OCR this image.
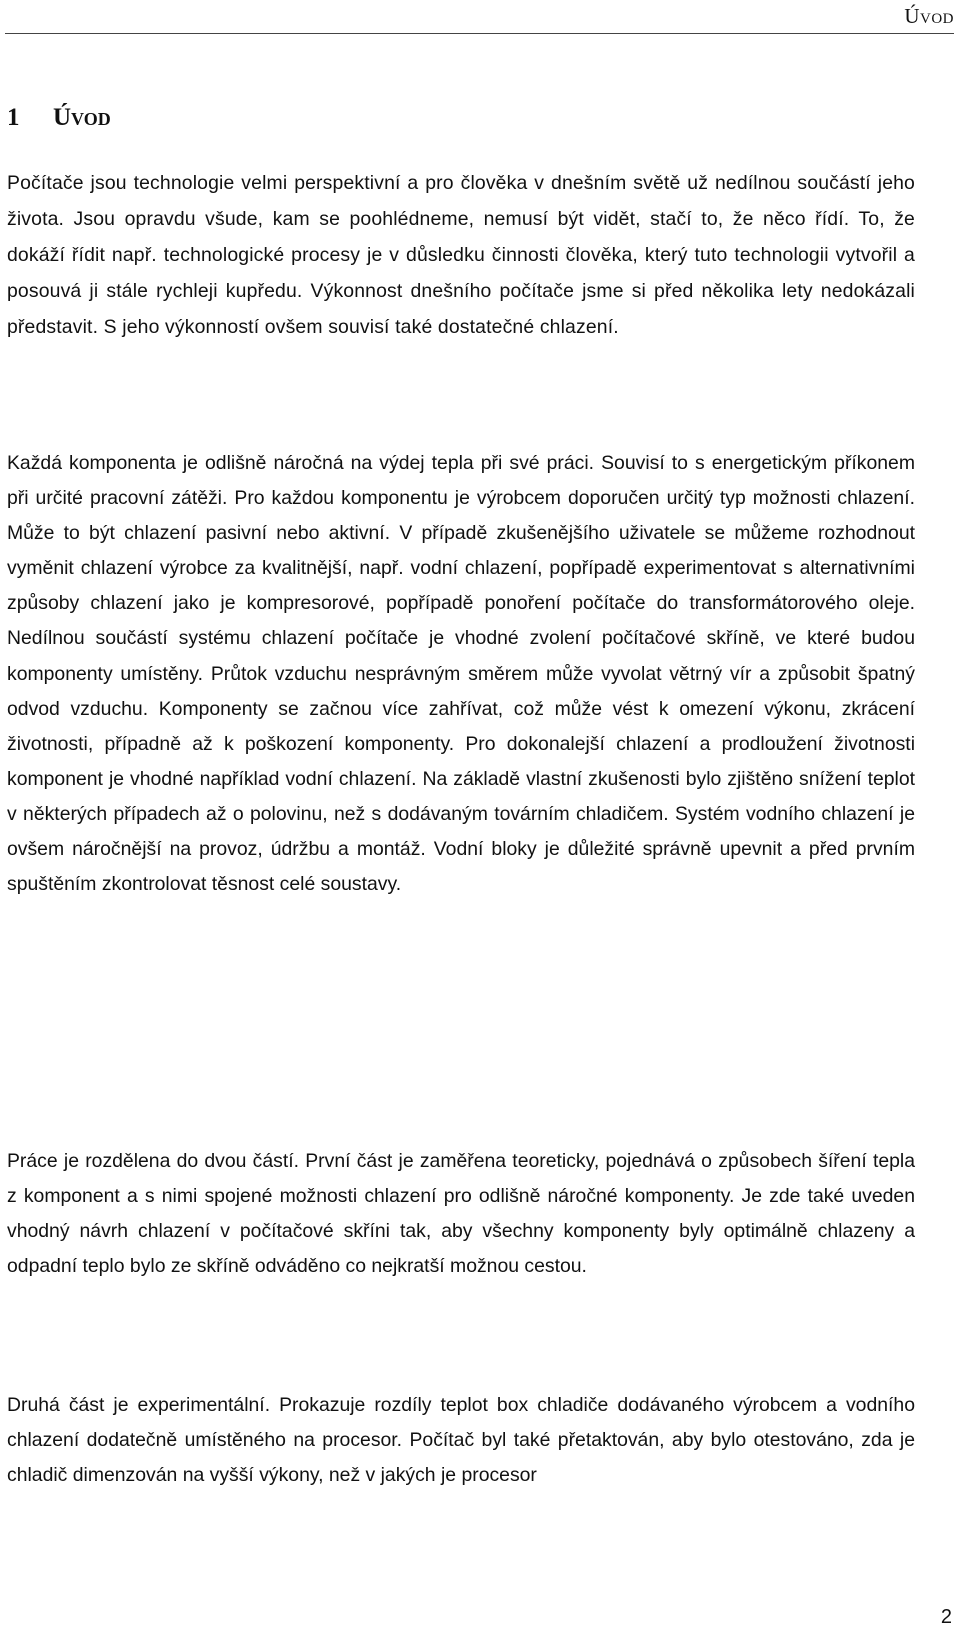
Úvod
1 Úvod

Počítače jsou technologie velmi perspektivní a pro člověka v dnešním světě už nedílnou součástí jeho života. Jsou opravdu všude, kam se poohlédneme, nemusí být vidět, stačí to, že něco řídí. To, že dokáží řídit např. technologické procesy je v důsledku činnosti člověka, který tuto technologii vytvořil a posouvá ji stále rychleji kupředu. Výkonnost dnešního počítače jsme si před několika lety nedokázali představit. S jeho výkonností ovšem souvisí také dostatečné chlazení.

Každá komponenta je odlišně náročná na výdej tepla při své práci. Souvisí to s energetickým příkonem při určité pracovní zátěži. Pro každou komponentu je výrobcem doporučen určitý typ možnosti chlazení. Může to být chlazení pasivní nebo aktivní. V případě zkušenějšího uživatele se můžeme rozhodnout vyměnit chlazení výrobce za kvalitnější, např. vodní chlazení, popřípadě experimentovat s alternativními způsoby chlazení jako je kompresorové, popřípadě ponoření počítače do transformátorového oleje. Nedílnou součástí systému chlazení počítače je vhodné zvolení počítačové skříně, ve které budou komponenty umístěny. Průtok vzduchu nesprávným směrem může vyvolat větrný vír a způsobit špatný odvod vzduchu. Komponenty se začnou více zahřívat, což může vést k omezení výkonu, zkrácení životnosti, případně až k poškození komponenty. Pro dokonalejší chlazení a prodloužení životnosti komponent je vhodné například vodní chlazení. Na základě vlastní zkušenosti bylo zjištěno snížení teplot v některých případech až o polovinu, než s dodávaným továrním chladičem. Systém vodního chlazení je ovšem náročnější na provoz, údržbu a montáž. Vodní bloky je důležité správně upevnit a před prvním spuštěním zkontrolovat těsnost celé soustavy.

Práce je rozdělena do dvou částí. První část je zaměřena teoreticky, pojednává o způsobech šíření tepla z komponent a s nimi spojené možnosti chlazení pro odlišně náročné komponenty. Je zde také uveden vhodný návrh chlazení v počítačové skříni tak, aby všechny komponenty byly optimálně chlazeny a odpadní teplo bylo ze skříně odváděno co nejkratší možnou cestou.

Druhá část je experimentální. Prokazuje rozdíly teplot box chladiče dodávaného výrobcem a vodního chlazení dodatečně umístěného na procesor. Počítač byl také přetaktován, aby bylo otestováno, zda je chladič dimenzován na vyšší výkony, než v jakých je procesor

2
